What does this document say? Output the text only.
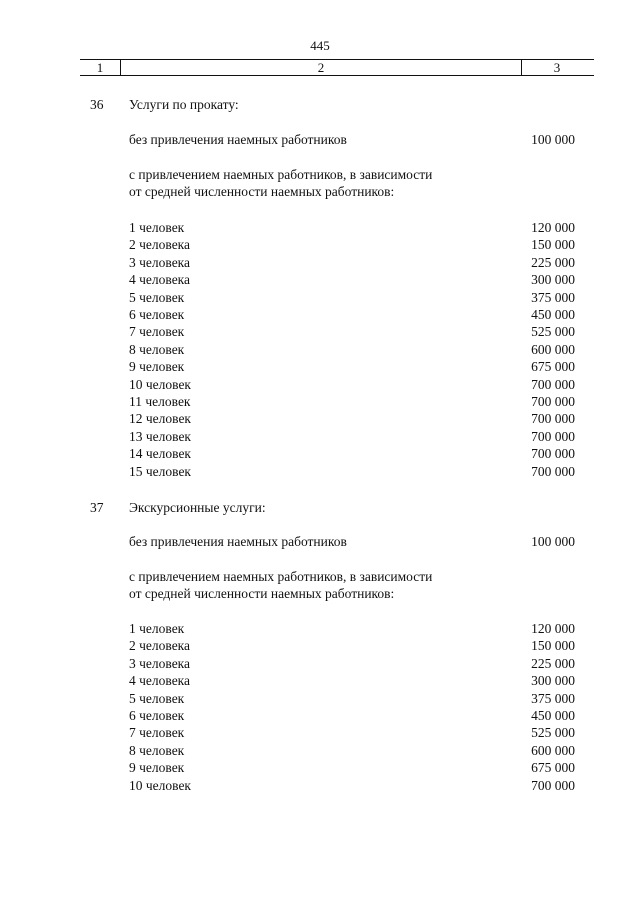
445
1	2	3
36 Услуги по прокату:
без привлечения наемных работников	100 000
с привлечением наемных работников, в зависимости
от средней численности наемных работников:
1 человек	120 000
2 человека	150 000
3 человека	225 000
4 человека	300 000
5 человек	375 000
6 человек	450 000
7 человек	525 000
8 человек	600 000
9 человек	675 000
10 человек	700 000
11 человек	700 000
12 человек	700 000
13 человек	700 000
14 человек	700 000
15 человек	700 000
37 Экскурсионные услуги:
без привлечения наемных работников	100 000
с привлечением наемных работников, в зависимости
от средней численности наемных работников:
1 человек	120 000
2 человека	150 000
3 человека	225 000
4 человека	300 000
5 человек	375 000
6 человек	450 000
7 человек	525 000
8 человек	600 000
9 человек	675 000
10 человек	700 000
